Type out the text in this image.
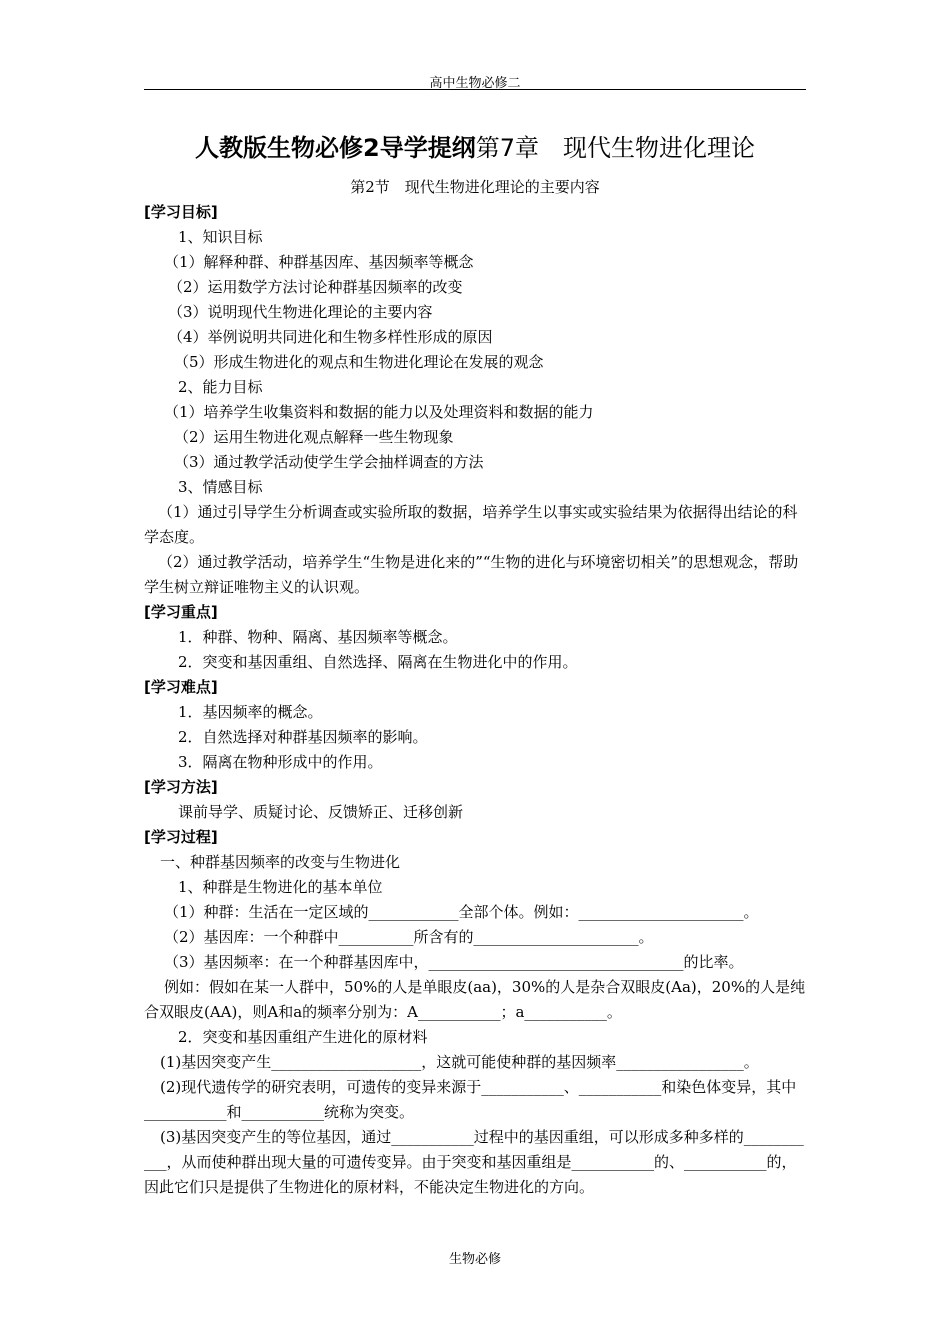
高中生物必修二
人教版生物必修2导学提纲第7章　现代生物进化理论
第2节　现代生物进化理论的主要内容
[学习目标]
1、知识目标
（1）解释种群、种群基因库、基因频率等概念
（2）运用数学方法讨论种群基因频率的改变
（3）说明现代生物进化理论的主要内容
（4）举例说明共同进化和生物多样性形成的原因
（5）形成生物进化的观点和生物进化理论在发展的观念
2、能力目标
（1）培养学生收集资料和数据的能力以及处理资料和数据的能力
（2）运用生物进化观点解释一些生物现象
（3）通过教学活动使学生学会抽样调查的方法
3、情感目标
（1）通过引导学生分析调查或实验所取的数据，培养学生以事实或实验结果为依据得出结论的科学态度。
（2）通过教学活动，培养学生“生物是进化来的”“生物的进化与环境密切相关”的思想观念，帮助学生树立辩证唯物主义的认识观。
[学习重点]
1．种群、物种、隔离、基因频率等概念。
2．突变和基因重组、自然选择、隔离在生物进化中的作用。
[学习难点]
1．基因频率的概念。
2．自然选择对种群基因频率的影响。
3．隔离在物种形成中的作用。
[学习方法]
课前导学、质疑讨论、反馈矫正、迁移创新
[学习过程]
一、种群基因频率的改变与生物进化
1、种群是生物进化的基本单位
（1）种群：生活在一定区域的____________全部个体。例如：______________________。
（2）基因库：一个种群中__________所含有的______________________。
（3）基因频率：在一个种群基因库中，__________________________________的比率。
例如：假如在某一人群中，50%的人是单眼皮(aa)，30%的人是杂合双眼皮(Aa)，20%的人是纯合双眼皮(AA)，则A和a的频率分别为：A___________；a___________。
2．突变和基因重组产生进化的原材料
(1)基因突变产生____________________，这就可能使种群的基因频率_________________。
(2)现代遗传学的研究表明，可遗传的变异来源于___________、___________和染色体变异，其中___________和___________统称为突变。
(3)基因突变产生的等位基因，通过___________过程中的基因重组，可以形成多种多样的___________，从而使种群出现大量的可遗传变异。由于突变和基因重组是___________的、___________的，因此它们只是提供了生物进化的原材料，不能决定生物进化的方向。
生物必修
